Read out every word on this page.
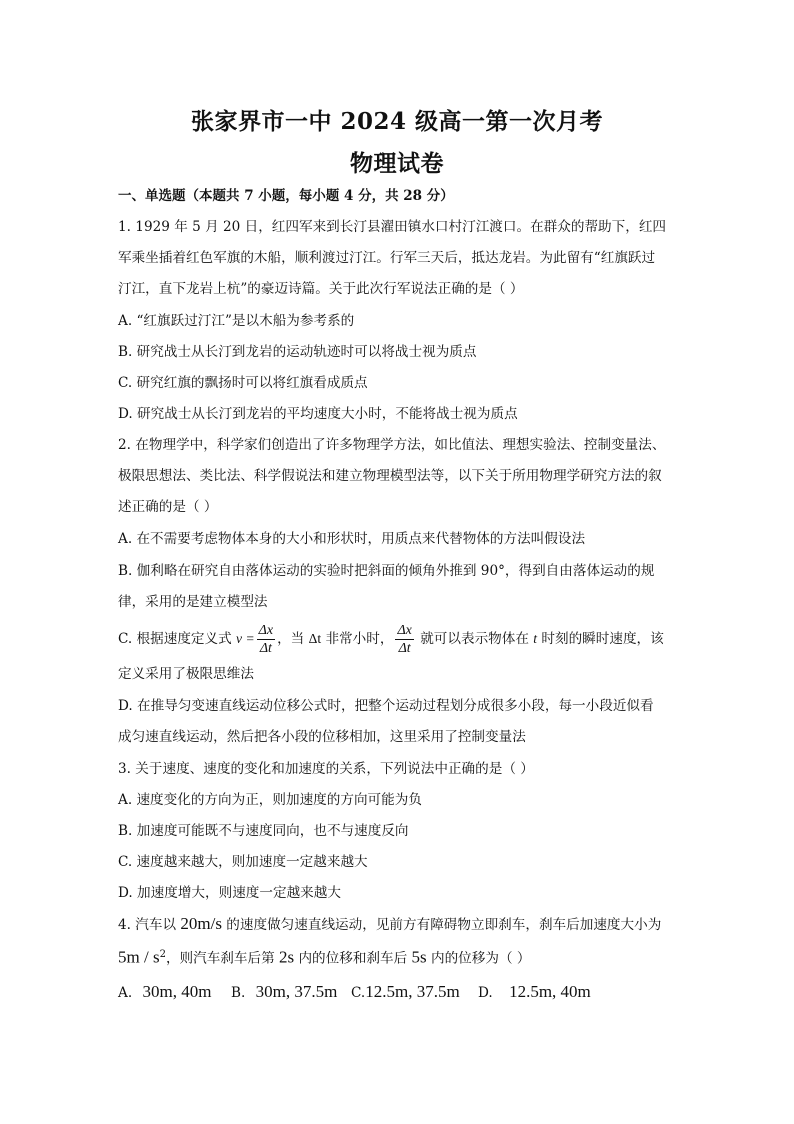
张家界市一中 2024 级高一第一次月考
物理试卷
一、单选题（本题共 7 小题，每小题 4 分，共 28 分）
1. 1929 年 5 月 20 日，红四军来到长汀县濯田镇水口村汀江渡口。在群众的帮助下，红四
军乘坐插着红色军旗的木船，顺利渡过汀江。行军三天后，抵达龙岩。为此留有“红旗跃过
汀江，直下龙岩上杭”的豪迈诗篇。关于此次行军说法正确的是（ ）
A. “红旗跃过汀江”是以木船为参考系的
B. 研究战士从长汀到龙岩的运动轨迹时可以将战士视为质点
C. 研究红旗的飘扬时可以将红旗看成质点
D. 研究战士从长汀到龙岩的平均速度大小时，不能将战士视为质点
2. 在物理学中，科学家们创造出了许多物理学方法，如比值法、理想实验法、控制变量法、
极限思想法、类比法、科学假说法和建立物理模型法等，以下关于所用物理学研究方法的叙
述正确的是（ ）
A. 在不需要考虑物体本身的大小和形状时，用质点来代替物体的方法叫假设法
B. 伽利略在研究自由落体运动的实验时把斜面的倾角外推到 90°，得到自由落体运动的规
律，采用的是建立模型法
C. 根据速度定义式 $v = \frac{\Delta x}{\Delta t}$ ，当 Δt 非常小时， $\frac{\Delta x}{\Delta t}$ 就可以表示物体在 t 时刻的瞬时速度，该
定义采用了极限思维法
D. 在推导匀变速直线运动位移公式时，把整个运动过程划分成很多小段，每一小段近似看
成匀速直线运动，然后把各小段的位移相加，这里采用了控制变量法
3. 关于速度、速度的变化和加速度的关系，下列说法中正确的是（ ）
A. 速度变化的方向为正，则加速度的方向可能为负
B. 加速度可能既不与速度同向，也不与速度反向
C. 速度越来越大，则加速度一定越来越大
D. 加速度增大，则速度一定越来越大
4. 汽车以 20m/s 的速度做匀速直线运动，见前方有障碍物立即刹车，刹车后加速度大小为
$5m / s^2$，则汽车刹车后第 2s 内的位移和刹车后 5s 内的位移为（ ）
A. 30m, 40m B. 30m, 37.5m C.12.5m, 37.5m D. 12.5m, 40m
